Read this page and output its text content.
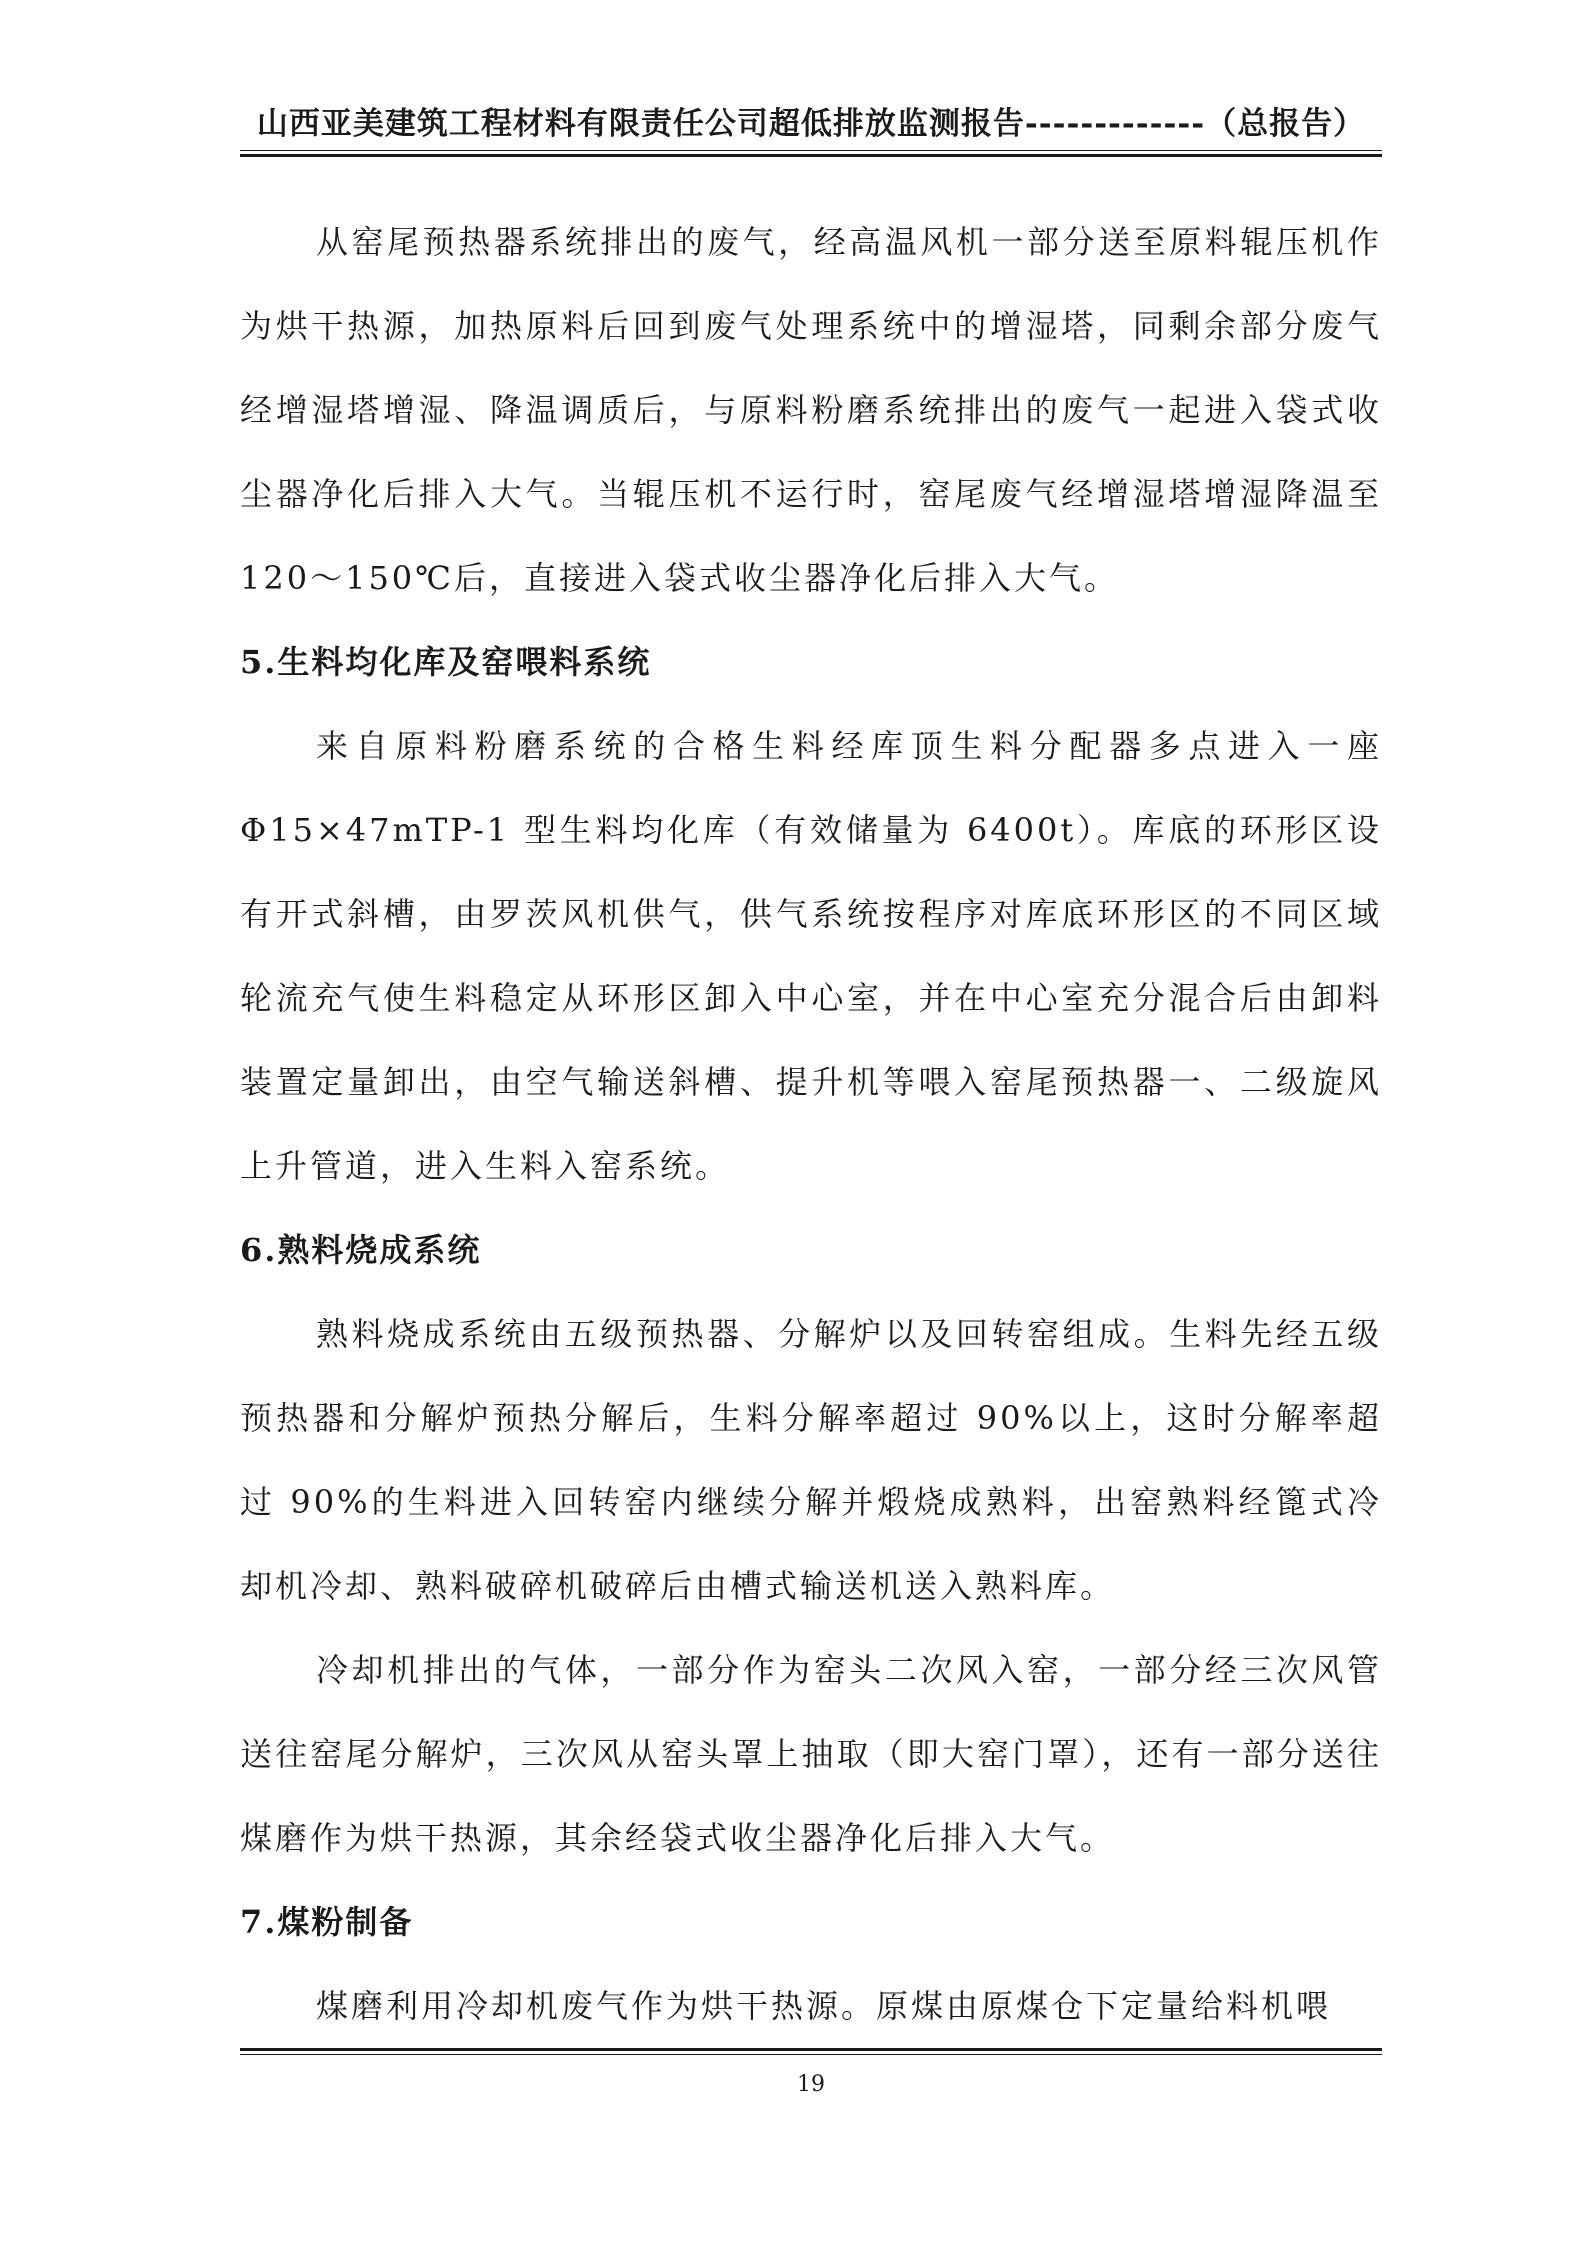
山西亚美建筑工程材料有限责任公司超低排放监测报告-------------（总报告）

从窑尾预热器系统排出的废气，经高温风机一部分送至原料辊压机作为烘干热源，加热原料后回到废气处理系统中的增湿塔，同剩余部分废气经增湿塔增湿、降温调质后，与原料粉磨系统排出的废气一起进入袋式收尘器净化后排入大气。当辊压机不运行时，窑尾废气经增湿塔增湿降温至 120～150℃后，直接进入袋式收尘器净化后排入大气。

5.生料均化库及窑喂料系统

来自原料粉磨系统的合格生料经库顶生料分配器多点进入一座Φ15×47mTP-1 型生料均化库（有效储量为 6400t）。库底的环形区设有开式斜槽，由罗茨风机供气，供气系统按程序对库底环形区的不同区域轮流充气使生料稳定从环形区卸入中心室，并在中心室充分混合后由卸料装置定量卸出，由空气输送斜槽、提升机等喂入窑尾预热器一、二级旋风上升管道，进入生料入窑系统。

6.熟料烧成系统

熟料烧成系统由五级预热器、分解炉以及回转窑组成。生料先经五级预热器和分解炉预热分解后，生料分解率超过 90%以上，这时分解率超过 90%的生料进入回转窑内继续分解并煅烧成熟料，出窑熟料经篦式冷却机冷却、熟料破碎机破碎后由槽式输送机送入熟料库。

冷却机排出的气体，一部分作为窑头二次风入窑，一部分经三次风管送往窑尾分解炉，三次风从窑头罩上抽取（即大窑门罩），还有一部分送往煤磨作为烘干热源，其余经袋式收尘器净化后排入大气。

7.煤粉制备

煤磨利用冷却机废气作为烘干热源。原煤由原煤仓下定量给料机喂

19
